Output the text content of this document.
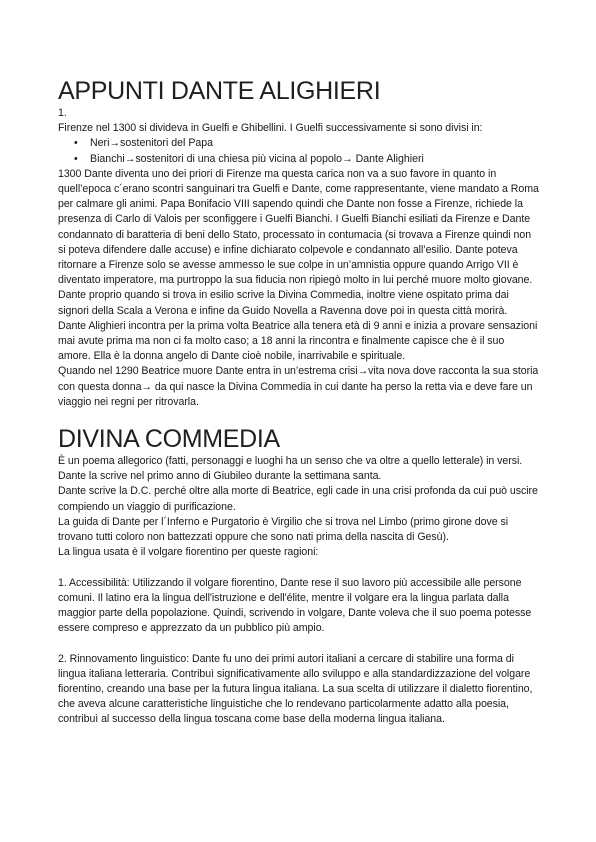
APPUNTI DANTE ALIGHIERI

1.

Firenze nel 1300 si divideva in Guelfi e Ghibellini. I Guelfi successivamente si sono divisi in:

• Neri→sostenitori del Papa
• Bianchi→sostenitori di una chiesa più vicina al popolo→ Dante Alighieri

1300 Dante diventa uno dei priori di Firenze ma questa carica non va a suo favore in quanto in quell’epoca c´erano scontri sanguinari tra Guelfi e Dante, come rappresentante, viene mandato a Roma per calmare gli animi. Papa Bonifacio VIII sapendo quindi che Dante non fosse a Firenze, richiede la presenza di Carlo di Valois per sconfiggere i Guelfi Bianchi. I Guelfi Bianchi esiliati da Firenze e Dante condannato di baratteria di beni dello Stato, processato in contumacia (si trovava a Firenze quindi non si poteva difendere dalle accuse) e infine dichiarato colpevole e condannato all’esilio. Dante poteva ritornare a Firenze solo se avesse ammesso le sue colpe in un’amnistia oppure quando Arrigo VII è diventato imperatore, ma purtroppo la sua fiducia non ripiegò molto in lui perché muore molto giovane.

Dante proprio quando si trova in esilio scrive la Divina Commedia, inoltre viene ospitato prima dai signori della Scala a Verona e infine da Guido Novella a Ravenna dove poi in questa città morirà.

Dante Alighieri incontra per la prima volta Beatrice alla tenera età di 9 anni e inizia a provare sensazioni mai avute prima ma non ci fa molto caso; a 18 anni la rincontra e finalmente capisce che è il suo amore. Ella è la donna angelo di Dante cioè nobile, inarrivabile e spirituale.

Quando nel 1290 Beatrice muore Dante entra in un’estrema crisi→vita nova dove racconta la sua storia con questa donna→ da qui nasce la Divina Commedia in cui dante ha perso la retta via e deve fare un viaggio nei regni per ritrovarla.

DIVINA COMMEDIA

È un poema allegorico (fatti, personaggi e luoghi ha un senso che va oltre a quello letterale) in versi. Dante la scrive nel primo anno di Giubileo durante la settimana santa.

Dante scrive la D.C. perché oltre alla morte di Beatrice, egli cade in una crisi profonda da cui può uscire compiendo un viaggio di purificazione.

La guida di Dante per l´Inferno e Purgatorio è Virgilio che si trova nel Limbo (primo girone dove si trovano tutti coloro non battezzati oppure che sono nati prima della nascita di Gesù).

La lingua usata è il volgare fiorentino per queste ragioni:

1. Accessibilità: Utilizzando il volgare fiorentino, Dante rese il suo lavoro più accessibile alle persone comuni. Il latino era la lingua dell'istruzione e dell'élite, mentre il volgare era la lingua parlata dalla maggior parte della popolazione. Quindi, scrivendo in volgare, Dante voleva che il suo poema potesse essere compreso e apprezzato da un pubblico più ampio.

2. Rinnovamento linguistico: Dante fu uno dei primi autori italiani a cercare di stabilire una forma di lingua italiana letteraria. Contribuì significativamente allo sviluppo e alla standardizzazione del volgare fiorentino, creando una base per la futura lingua italiana. La sua scelta di utilizzare il dialetto fiorentino, che aveva alcune caratteristiche linguistiche che lo rendevano particolarmente adatto alla poesia, contribuì al successo della lingua toscana come base della moderna lingua italiana.
